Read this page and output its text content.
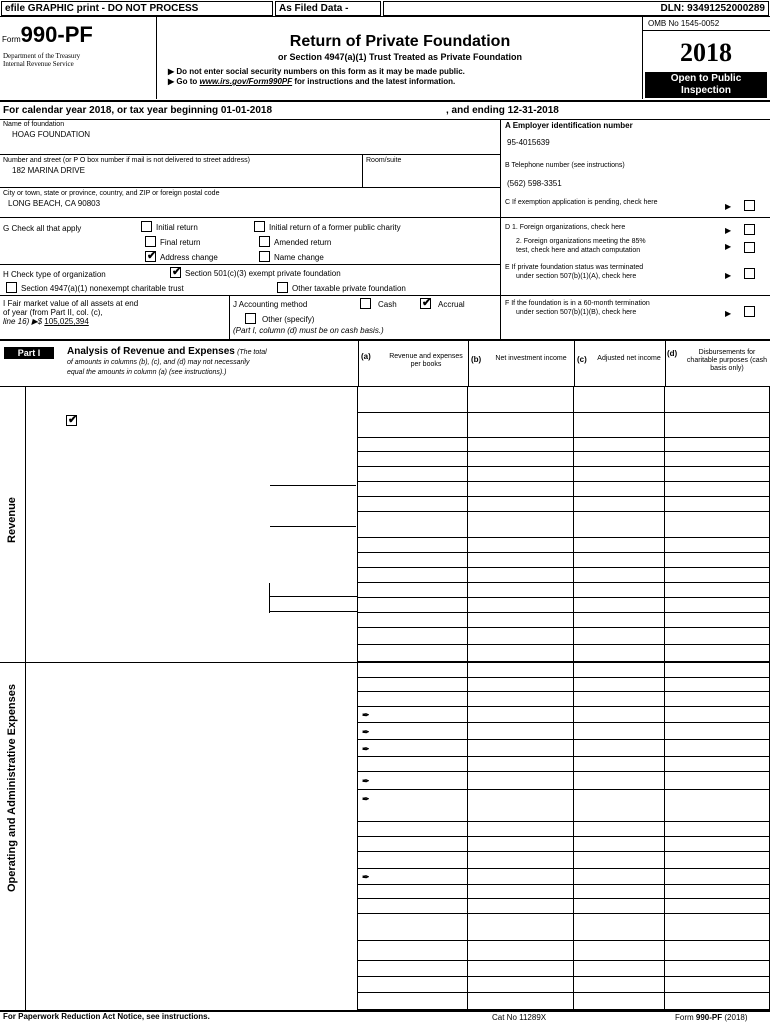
efile GRAPHIC print - DO NOT PROCESS	As Filed Data -	DLN: 93491252000289
Form990-PF
Department of the Treasury
Internal Revenue Service
Return of Private Foundation
or Section 4947(a)(1) Trust Treated as Private Foundation
▶ Do not enter social security numbers on this form as it may be made public.
▶ Go to www.irs.gov/Form990PF for instructions and the latest information.
OMB No 1545-0052
2018
Open to Public
Inspection
For calendar year 2018, or tax year beginning 01-01-2018	, and ending 12-31-2018
Name of foundation
HOAG FOUNDATION
Number and street (or P O box number if mail is not delivered to street address)	Room/suite
182 MARINA DRIVE
City or town, state or province, country, and ZIP or foreign postal code
LONG BEACH, CA 90803
A Employer identification number
95-4015639
B Telephone number (see instructions)
(562) 598-3351
C If exemption application is pending, check here	▶
G Check all that apply	Initial return	Initial return of a former public charity
Final return	Amended return
✔
Address change	Name change
D 1. Foreign organizations, check here	▶
2. Foreign organizations meeting the 85%
test, check here and attach computation	▶
E If private foundation status was terminated
under section 507(b)(1)(A), check here	▶
H Check type of organization ✔	Section 501(c)(3) exempt private foundation
Section 4947(a)(1) nonexempt charitable trust	Other taxable private foundation
I Fair market value of all assets at end
of year (from Part II, col. (c),
line 16) ▶$ 105,025,394
J Accounting method	Cash ✔	Accrual
Other (specify)
(Part I, column (d) must be on cash basis.)
F If the foundation is in a 60-month termination
under section 507(b)(1)(B), check here	▶
Part I	Analysis of Revenue and Expenses (The total
of amounts in columns (b), (c), and (d) may not necessarily
equal the amounts in column (a) (see instructions).)
(a)	Revenue and expenses per books
(b)	Net investment income	(c)	Adjusted net income
(d)	Disbursements for charitable purposes (cash basis only)
Revenue
Operating and Administrative Expenses
✔	✒
✒
✒
✒
✒
✒
For Paperwork Reduction Act Notice, see instructions.	Cat No 11289X	Form 990-PF (2018)
